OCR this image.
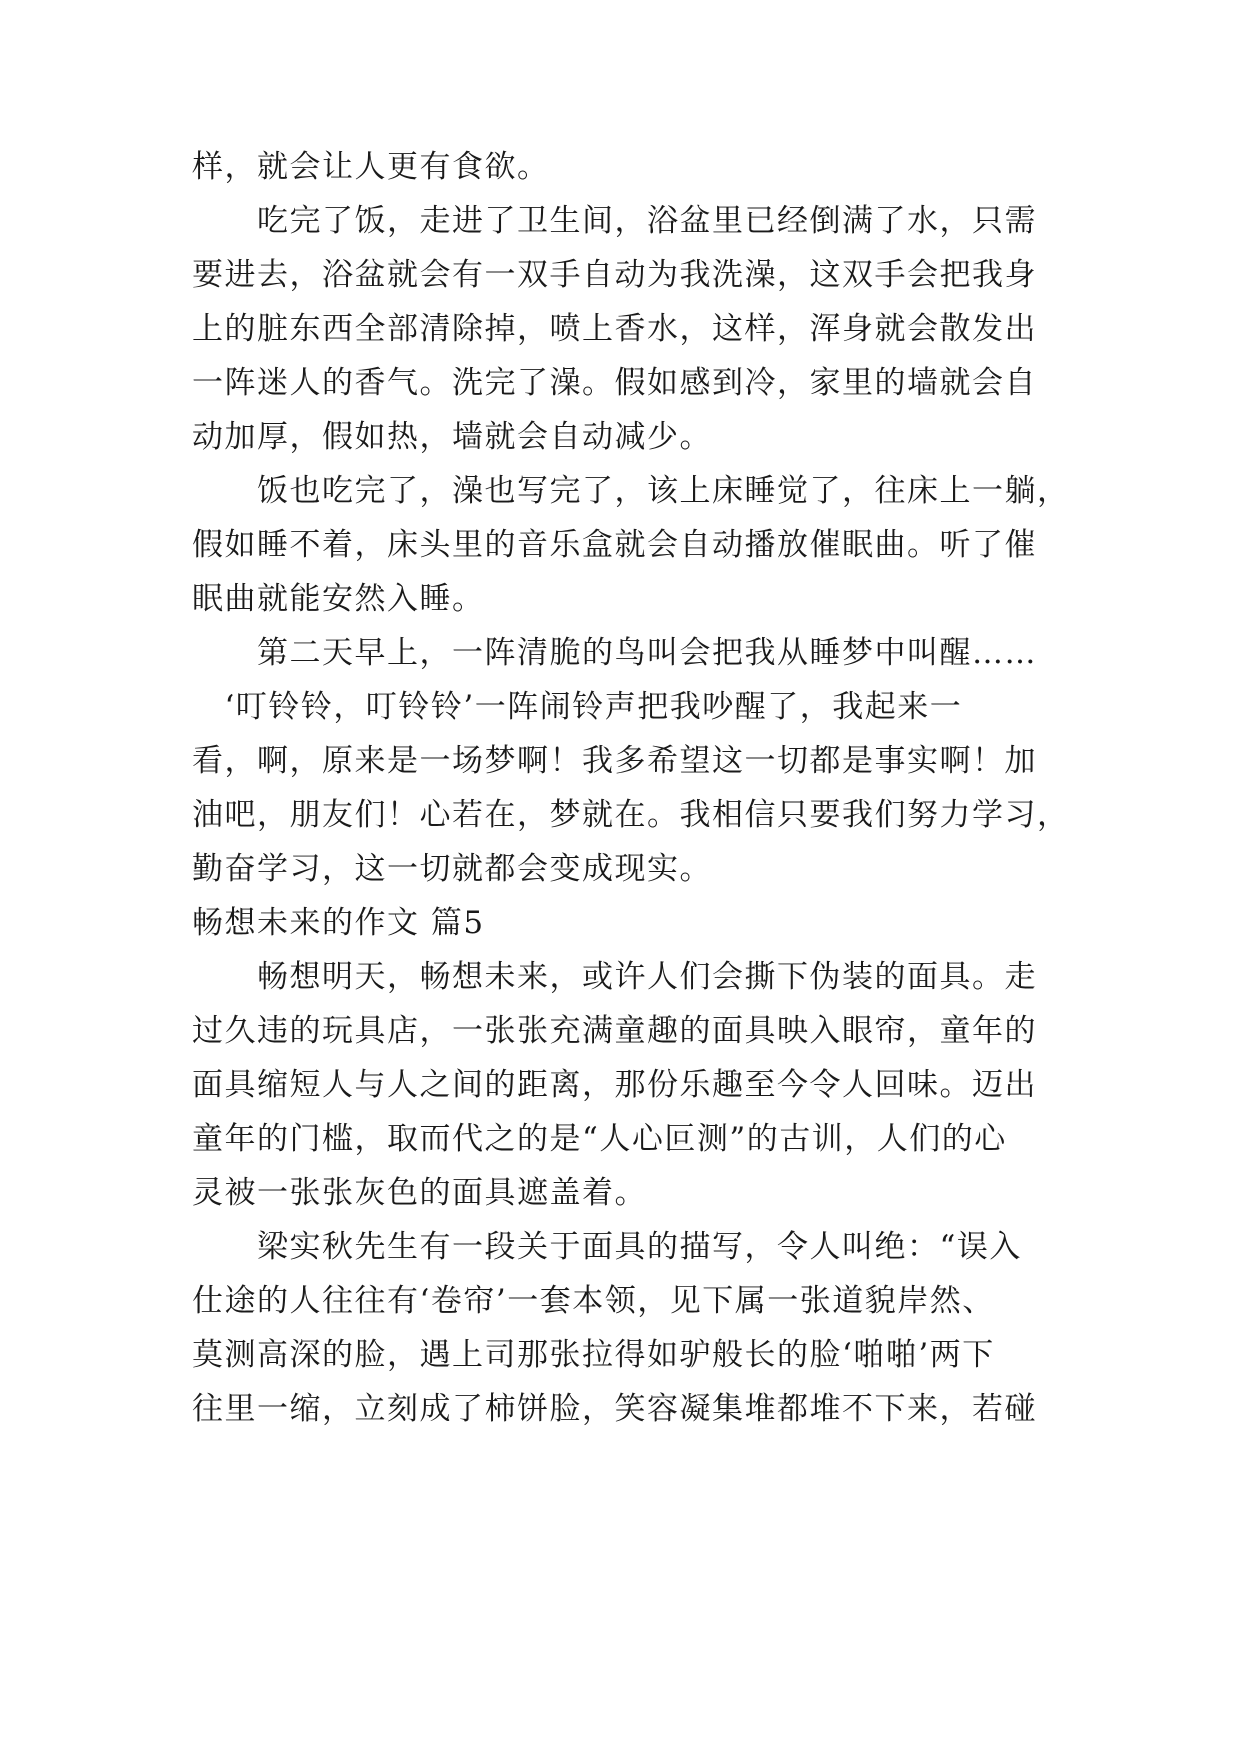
样，就会让人更有食欲。
　　吃完了饭，走进了卫生间，浴盆里已经倒满了水，只需
要进去，浴盆就会有一双手自动为我洗澡，这双手会把我身
上的脏东西全部清除掉，喷上香水，这样，浑身就会散发出
一阵迷人的香气。洗完了澡。假如感到冷，家里的墙就会自
动加厚，假如热，墙就会自动减少。
　　饭也吃完了，澡也写完了，该上床睡觉了，往床上一躺，
假如睡不着，床头里的音乐盒就会自动播放催眠曲。听了催
眠曲就能安然入睡。
　　第二天早上，一阵清脆的鸟叫会把我从睡梦中叫醒……
　‘叮铃铃，叮铃铃’一阵闹铃声把我吵醒了，我起来一
看，啊，原来是一场梦啊！我多希望这一切都是事实啊！加
油吧，朋友们！心若在，梦就在。我相信只要我们努力学习，
勤奋学习，这一切就都会变成现实。
畅想未来的作文 篇5
　　畅想明天，畅想未来，或许人们会撕下伪装的面具。走
过久违的玩具店，一张张充满童趣的面具映入眼帘，童年的
面具缩短人与人之间的距离，那份乐趣至今令人回味。迈出
童年的门槛，取而代之的是“人心叵测”的古训，人们的心
灵被一张张灰色的面具遮盖着。
　　梁实秋先生有一段关于面具的描写，令人叫绝：“误入
仕途的人往往有‘卷帘’一套本领，见下属一张道貌岸然、
莫测高深的脸，遇上司那张拉得如驴般长的脸‘啪啪’两下
往里一缩，立刻成了柿饼脸，笑容凝集堆都堆不下来，若碰
